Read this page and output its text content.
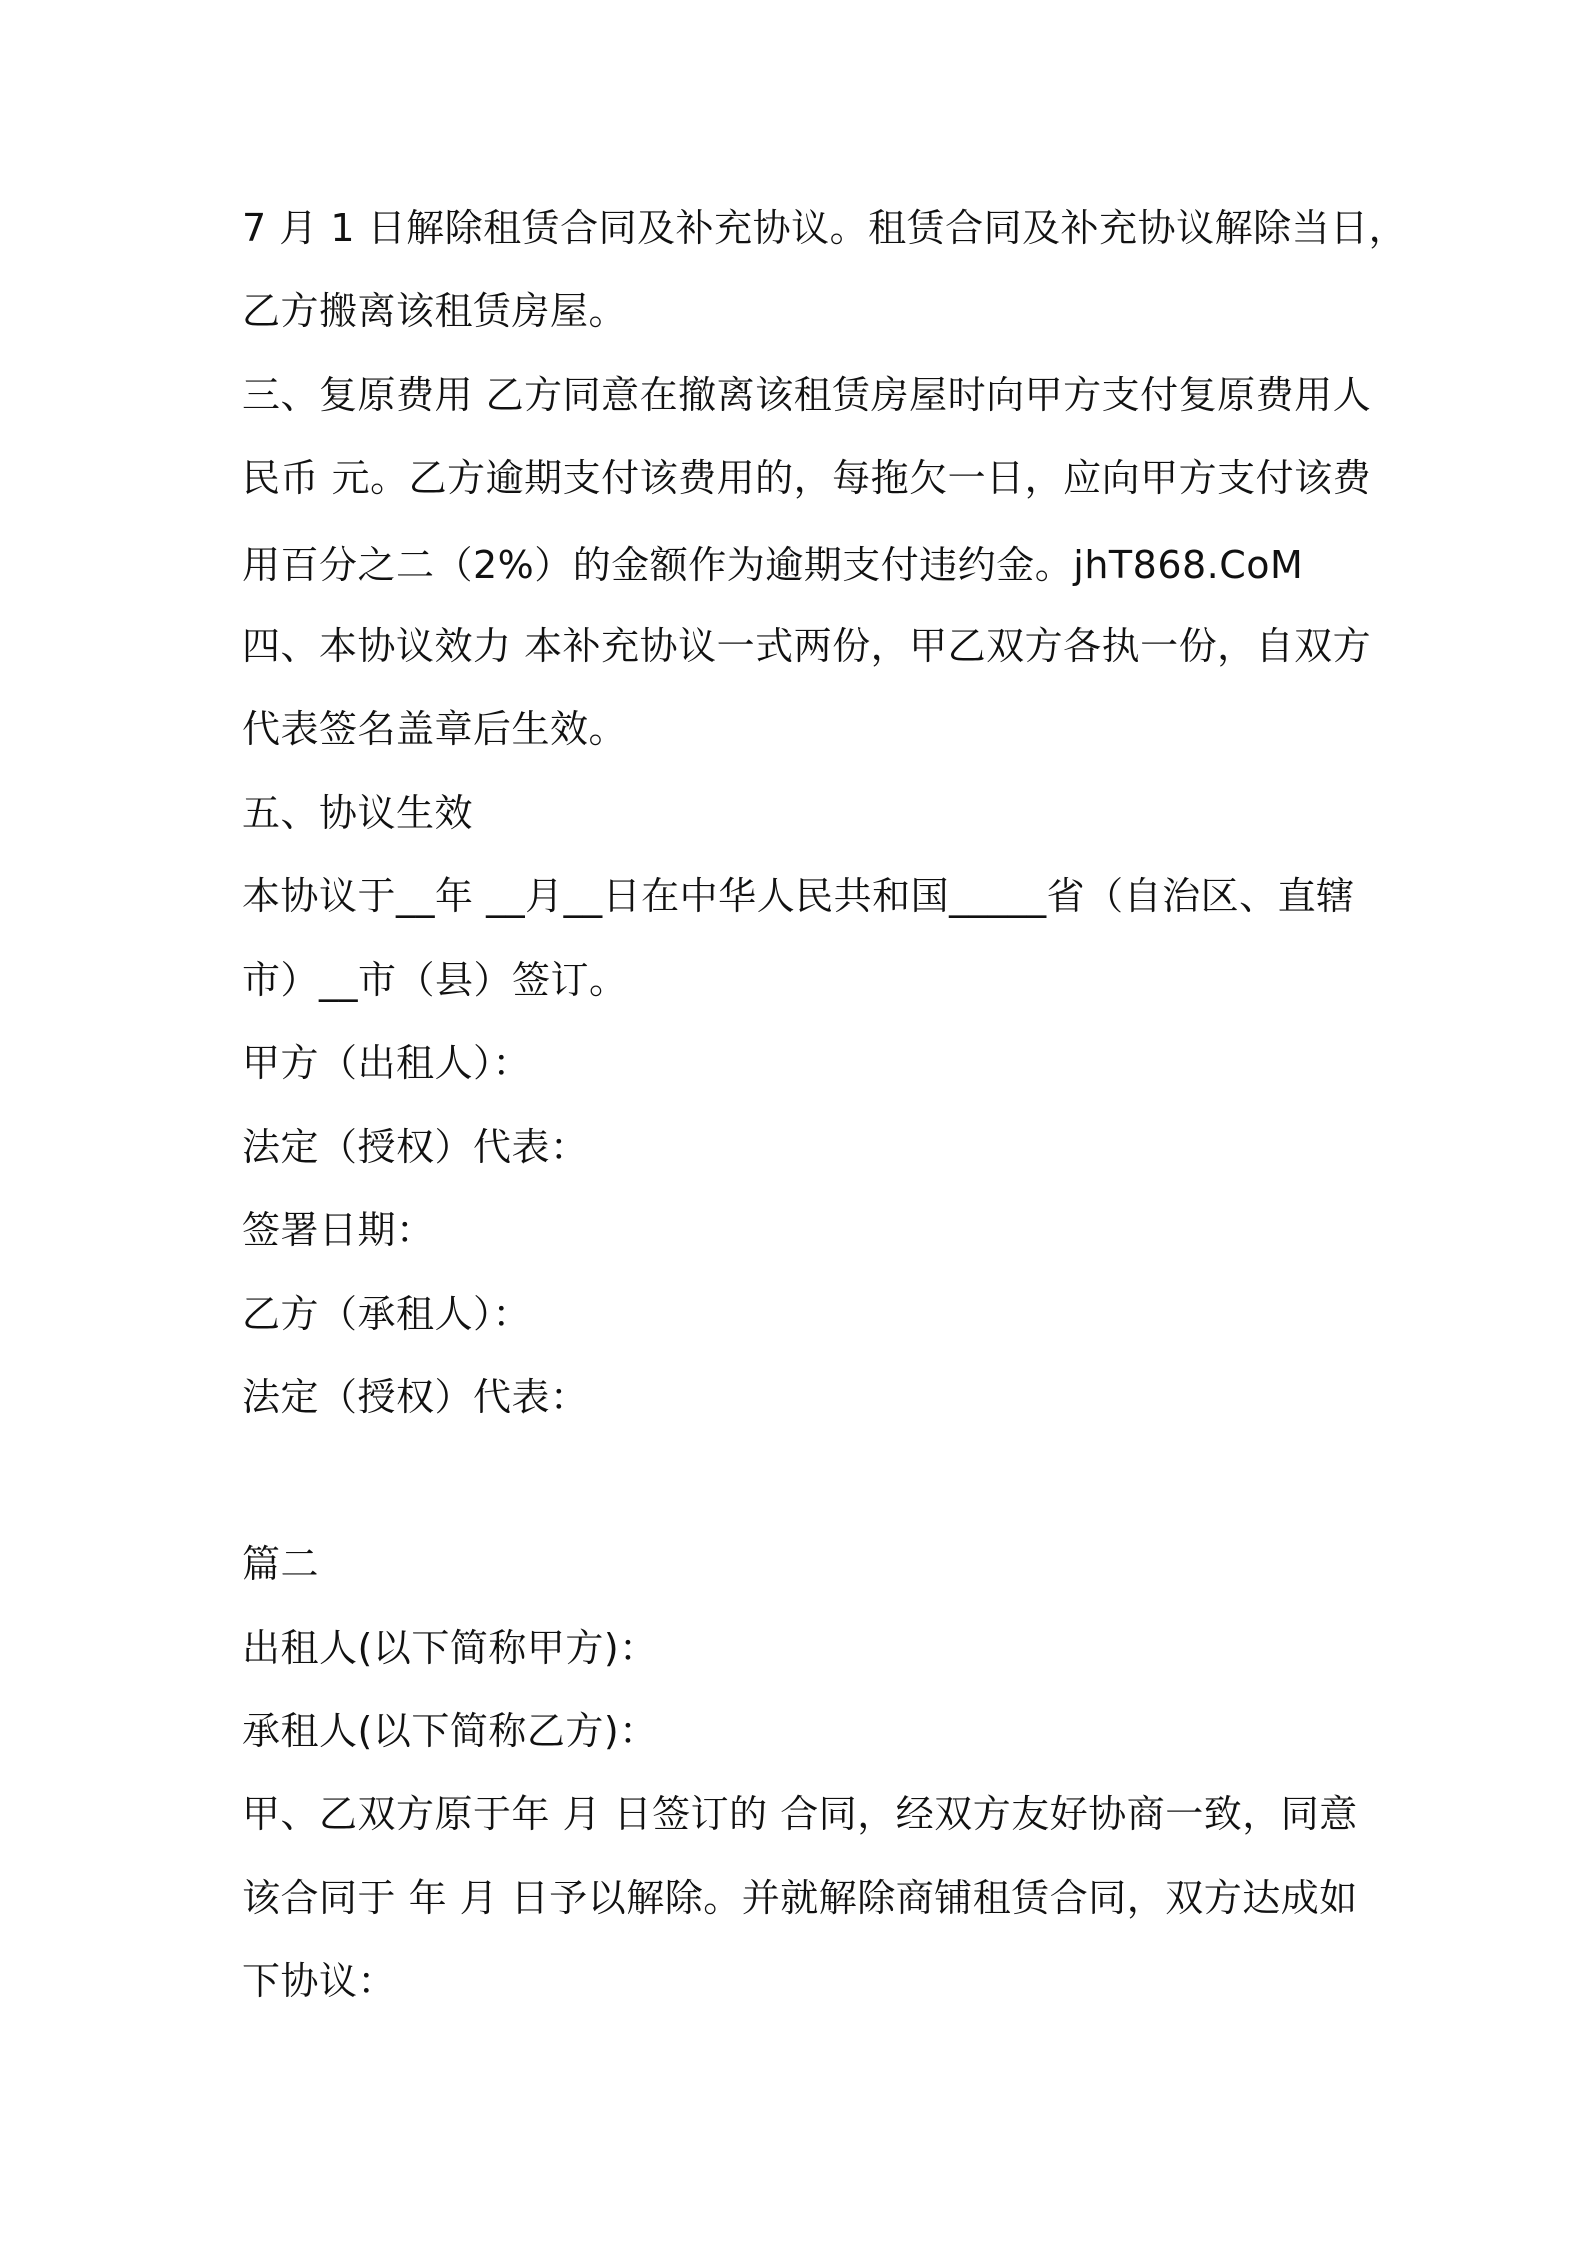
7 月 1 日解除租赁合同及补充协议。租赁合同及补充协议解除当日，
乙方搬离该租赁房屋。
三、复原费用 乙方同意在撤离该租赁房屋时向甲方支付复原费用人
民币 元。乙方逾期支付该费用的，每拖欠一日，应向甲方支付该费
用百分之二（2%）的金额作为逾期支付违约金。jhT868.CoM
四、本协议效力 本补充协议一式两份，甲乙双方各执一份，自双方
代表签名盖章后生效。
五、协议生效
本协议于__年 __月__日在中华人民共和国_____省（自治区、直辖
市）__市（县）签订。
甲方（出租人）：
法定（授权）代表：
签署日期：
乙方（承租人）：
法定（授权）代表：
篇二
出租人(以下简称甲方)：
承租人(以下简称乙方)：
甲、乙双方原于年 月 日签订的 合同，经双方友好协商一致，同意
该合同于 年 月 日予以解除。并就解除商铺租赁合同，双方达成如
下协议：
